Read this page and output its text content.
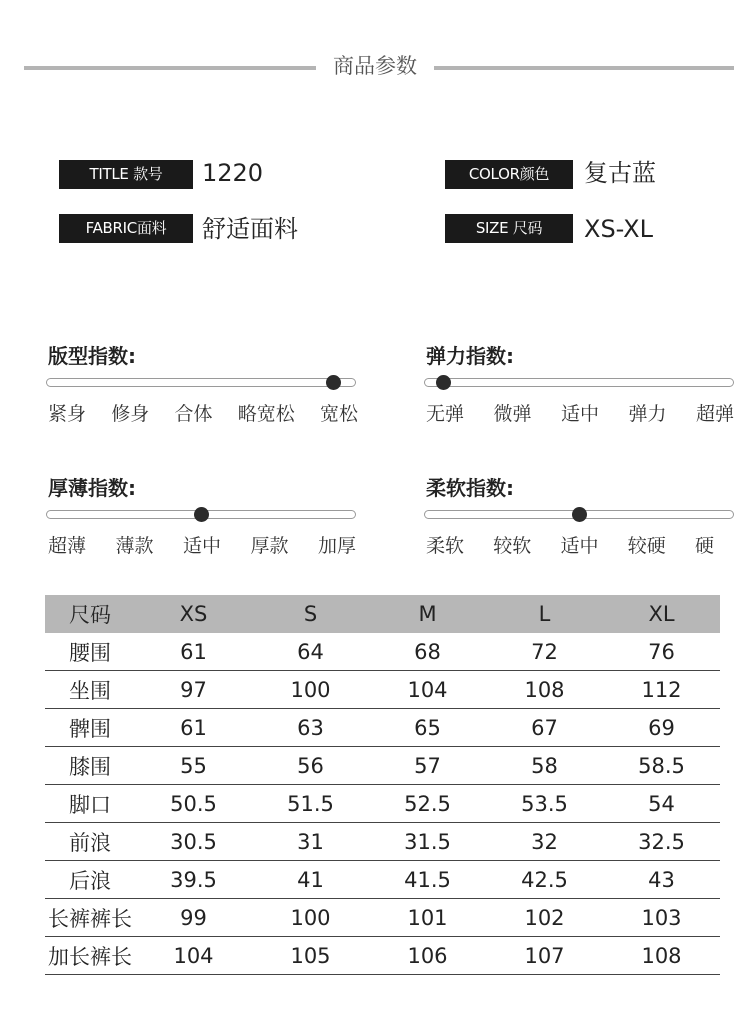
商品参数
TITLE 款号	1220
FABRIC面料	舒适面料
COLOR颜色	复古蓝
SIZE 尺码	XS-XL
版型指数:
紧身 修身 合体 略宽松 宽松
弹力指数:
无弹 微弹 适中 弹力 超弹
厚薄指数:
超薄 薄款 适中 厚款 加厚
柔软指数:
柔软 较软 适中 较硬 硬
尺码	XS	S	M	L	XL
腰围	61	64	68	72	76
坐围	97	100	104	108	112
髀围	61	63	65	67	69
膝围	55	56	57	58	58.5
脚口	50.5	51.5	52.5	53.5	54
前浪	30.5	31	31.5	32	32.5
后浪	39.5	41	41.5	42.5	43
长裤裤长	99	100	101	102	103
加长裤长	104	105	106	107	108
